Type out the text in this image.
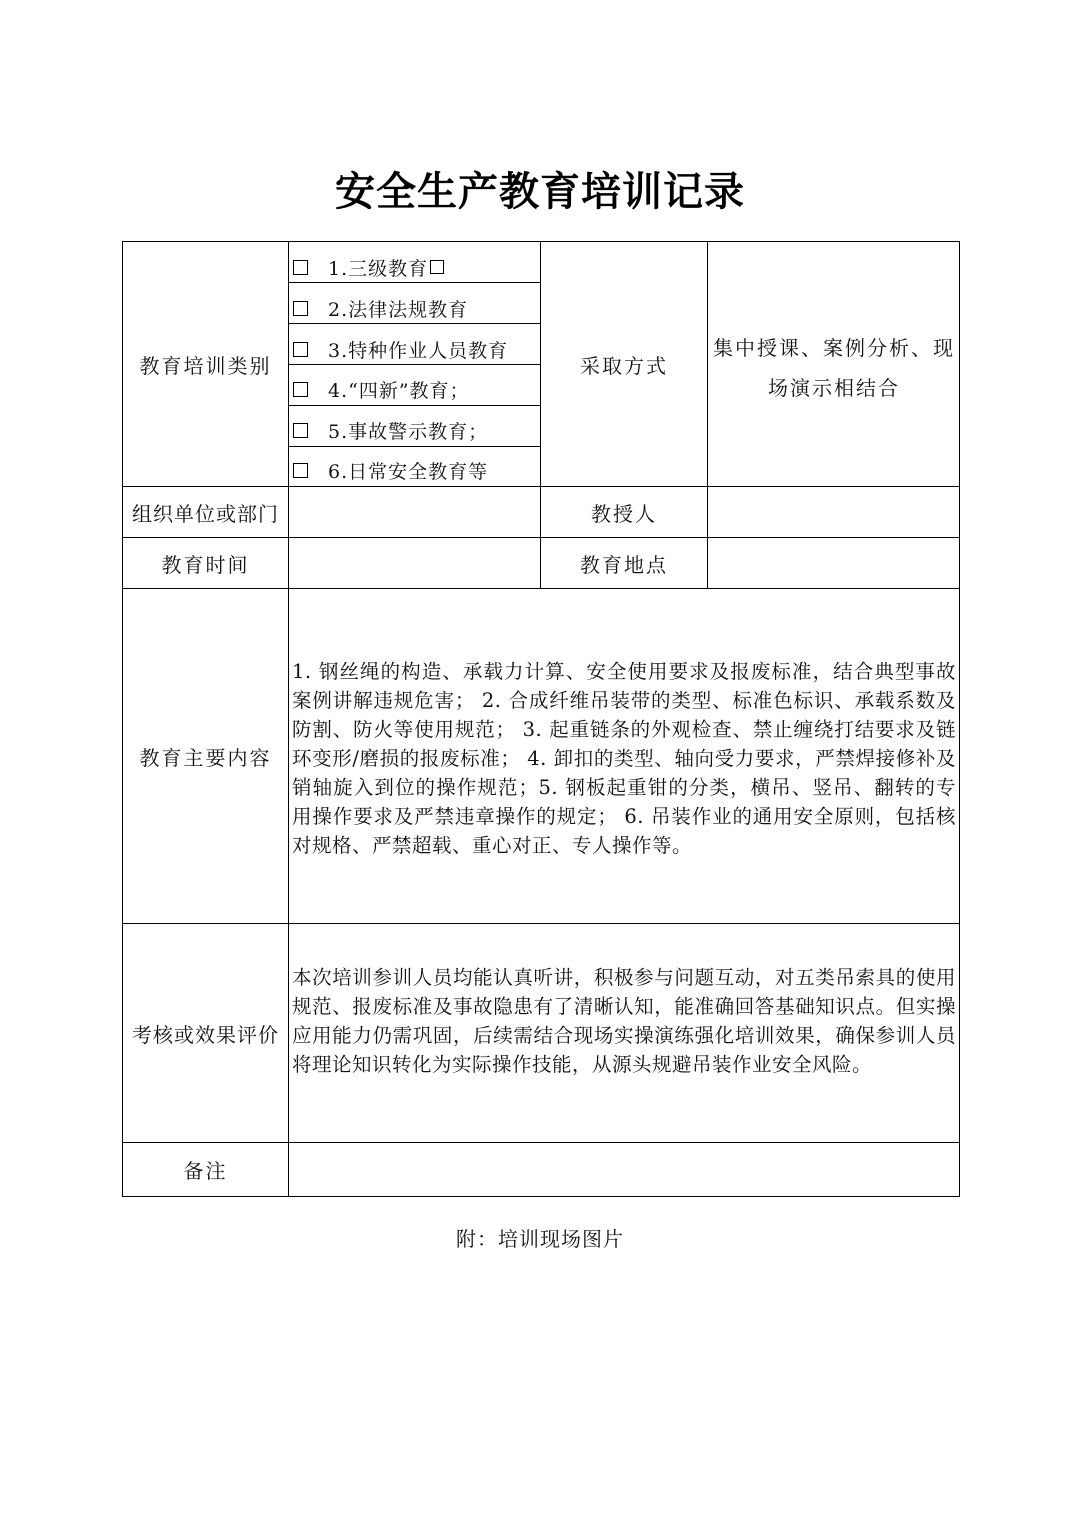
安全生产教育培训记录
教育培训类别
1.三级教育
2.法律法规教育
3.特种作业人员教育
4.“四新”教育；
5.事故警示教育；
6.日常安全教育等
采取方式
集中授课、案例分析、现
场演示相结合
组织单位或部门	教授人
教育时间	教育地点
教育主要内容
1. 钢丝绳的构造、承载力计算、安全使用要求及报废标准，结合典型事故案例讲解违规危害； 2. 合成纤维吊装带的类型、标准色标识、承载系数及防割、防火等使用规范； 3. 起重链条的外观检查、禁止缠绕打结要求及链环变形/磨损的报废标准； 4. 卸扣的类型、轴向受力要求，严禁焊接修补及销轴旋入到位的操作规范；5. 钢板起重钳的分类，横吊、竖吊、翻转的专用操作要求及严禁违章操作的规定； 6. 吊装作业的通用安全原则，包括核对规格、严禁超载、重心对正、专人操作等。
考核或效果评价
本次培训参训人员均能认真听讲，积极参与问题互动，对五类吊索具的使用规范、报废标准及事故隐患有了清晰认知，能准确回答基础知识点。但实操应用能力仍需巩固，后续需结合现场实操演练强化培训效果，确保参训人员将理论知识转化为实际操作技能，从源头规避吊装作业安全风险。
备注
附：培训现场图片
